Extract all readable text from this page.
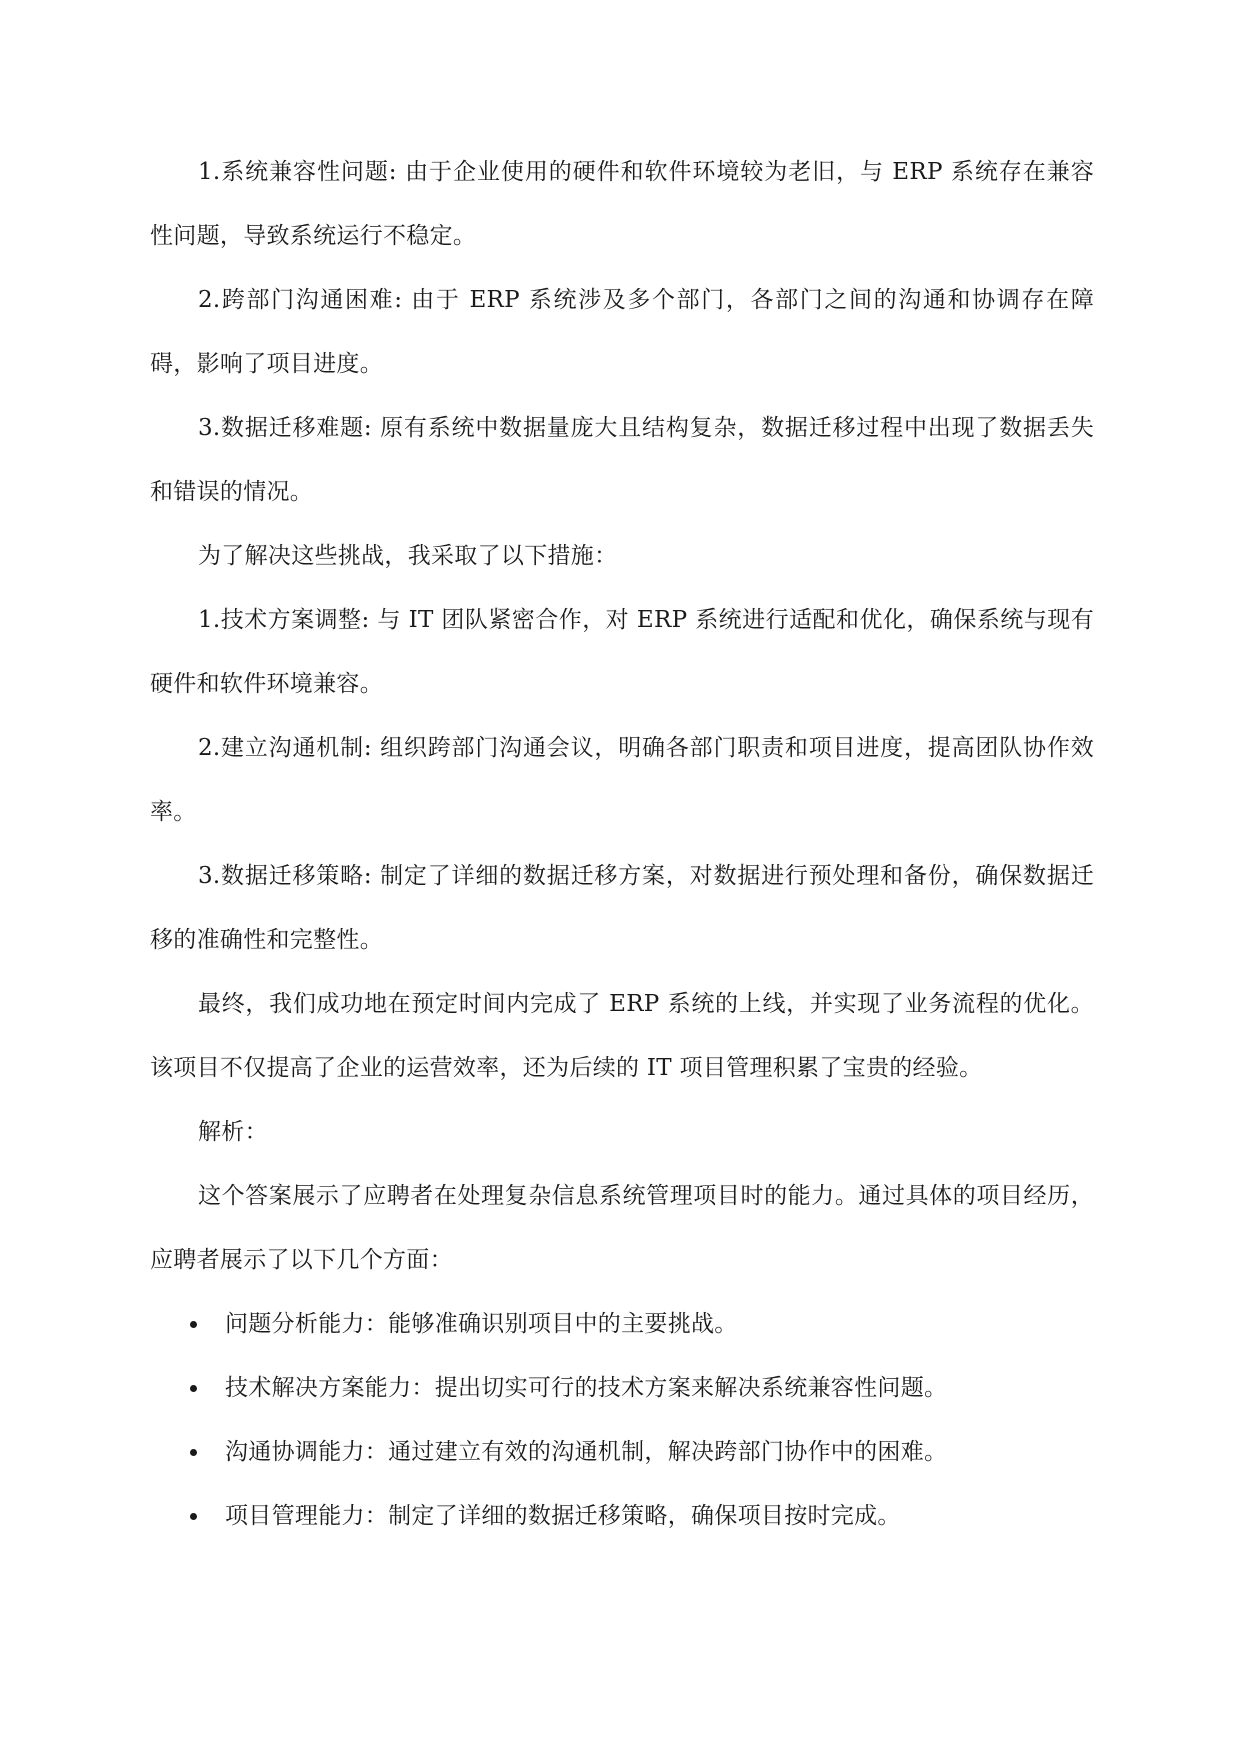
1.系统兼容性问题: 由于企业使用的硬件和软件环境较为老旧，与 ERP 系统存在兼容性问题，导致系统运行不稳定。

2.跨部门沟通困难: 由于 ERP 系统涉及多个部门，各部门之间的沟通和协调存在障碍，影响了项目进度。

3.数据迁移难题: 原有系统中数据量庞大且结构复杂，数据迁移过程中出现了数据丢失和错误的情况。

为了解决这些挑战，我采取了以下措施：

1.技术方案调整: 与 IT 团队紧密合作，对 ERP 系统进行适配和优化，确保系统与现有硬件和软件环境兼容。

2.建立沟通机制: 组织跨部门沟通会议，明确各部门职责和项目进度，提高团队协作效率。

3.数据迁移策略: 制定了详细的数据迁移方案，对数据进行预处理和备份，确保数据迁移的准确性和完整性。

最终，我们成功地在预定时间内完成了 ERP 系统的上线，并实现了业务流程的优化。该项目不仅提高了企业的运营效率，还为后续的 IT 项目管理积累了宝贵的经验。

解析：

这个答案展示了应聘者在处理复杂信息系统管理项目时的能力。通过具体的项目经历，应聘者展示了以下几个方面：

问题分析能力：能够准确识别项目中的主要挑战。
技术解决方案能力：提出切实可行的技术方案来解决系统兼容性问题。
沟通协调能力：通过建立有效的沟通机制，解决跨部门协作中的困难。
项目管理能力：制定了详细的数据迁移策略，确保项目按时完成。
